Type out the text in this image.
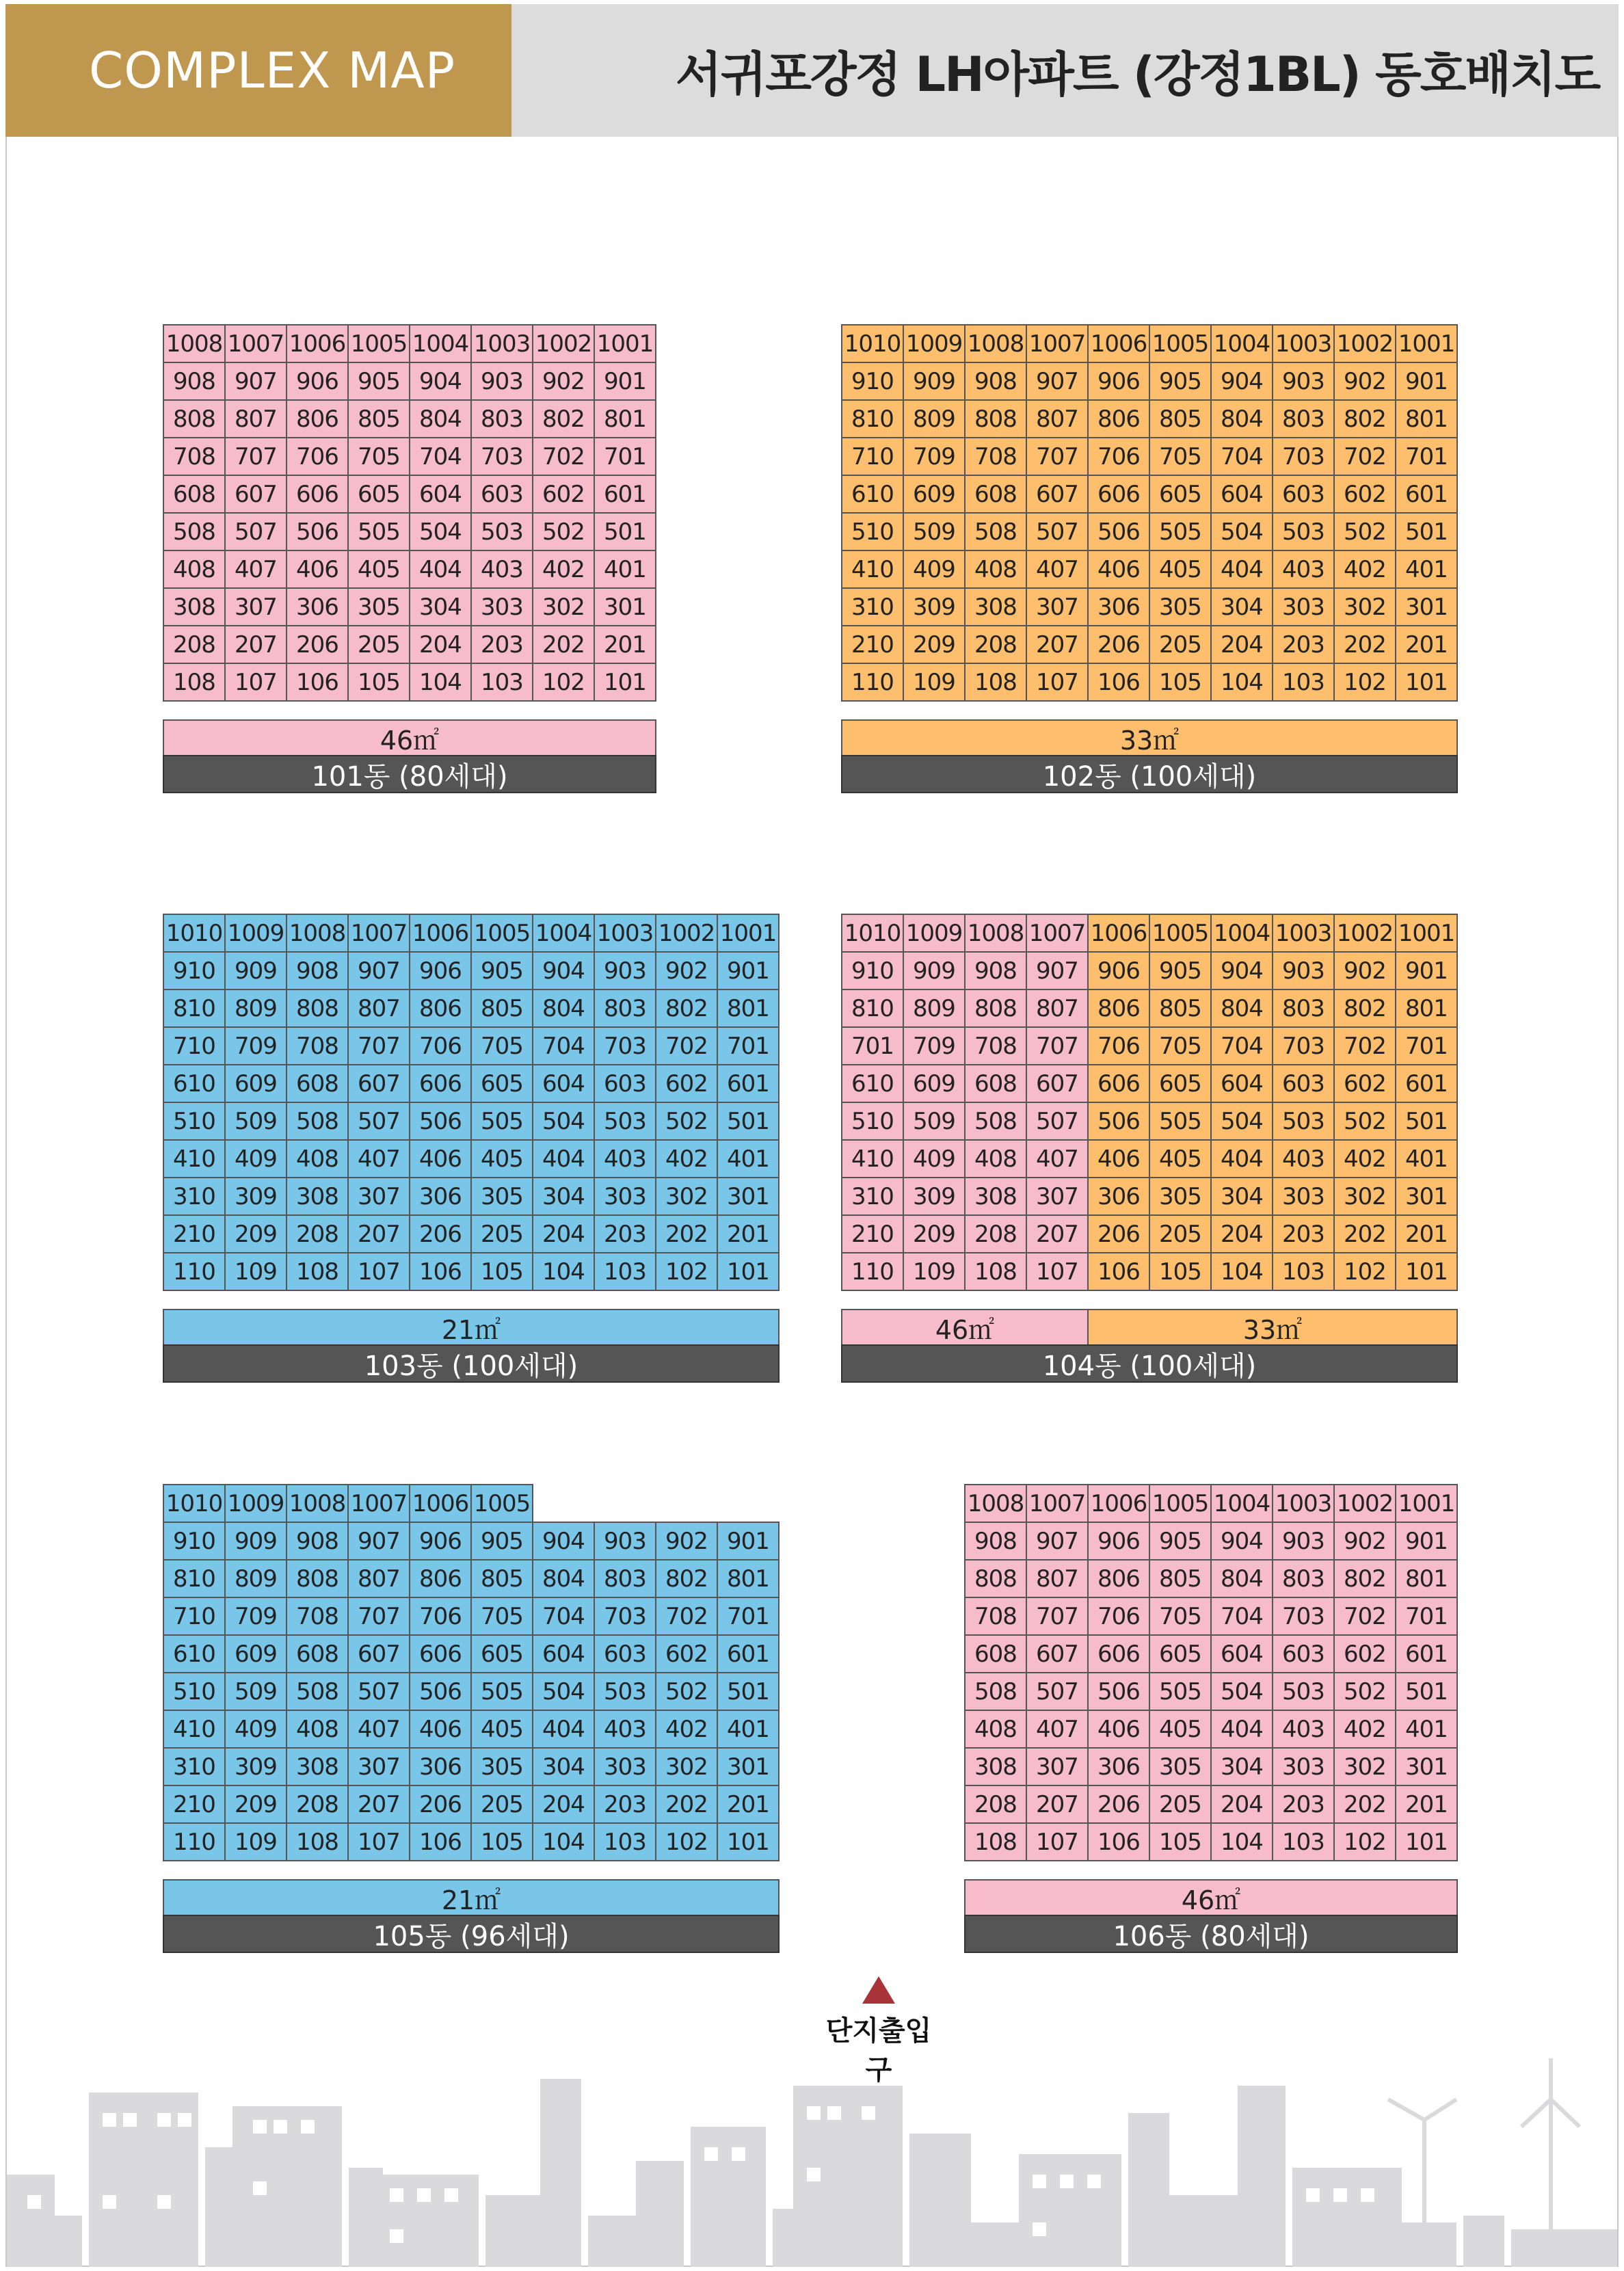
COMPLEX MAP	서귀포강정 LH아파트 (강정1BL) 동호배치도
1008 1007 1006 1005 1004 1003 1002 1001
908 907 906 905 904 903 902 901
808 807 806 805 804 803 802 801
708 707 706 705 704 703 702 701
608 607 606 605 604 603 602 601
508 507 506 505 504 503 502 501
408 407 406 405 404 403 402 401
308 307 306 305 304 303 302 301
208 207 206 205 204 203 202 201
108 107 106 105 104 103 102 101
46㎡
101동 (80세대)
1010 1009 1008 1007 1006 1005 1004 1003 1002 1001
910 909 908 907 906 905 904 903 902 901
810 809 808 807 806 805 804 803 802 801
710 709 708 707 706 705 704 703 702 701
610 609 608 607 606 605 604 603 602 601
510 509 508 507 506 505 504 503 502 501
410 409 408 407 406 405 404 403 402 401
310 309 308 307 306 305 304 303 302 301
210 209 208 207 206 205 204 203 202 201
110 109 108 107 106 105 104 103 102 101
33㎡
102동 (100세대)
1010 1009 1008 1007 1006 1005 1004 1003 1002 1001
910 909 908 907 906 905 904 903 902 901
810 809 808 807 806 805 804 803 802 801
710 709 708 707 706 705 704 703 702 701
610 609 608 607 606 605 604 603 602 601
510 509 508 507 506 505 504 503 502 501
410 409 408 407 406 405 404 403 402 401
310 309 308 307 306 305 304 303 302 301
210 209 208 207 206 205 204 203 202 201
110 109 108 107 106 105 104 103 102 101
21㎡
103동 (100세대)
1010 1009 1008 1007 1006 1005 1004 1003 1002 1001
910 909 908 907 906 905 904 903 902 901
810 809 808 807 806 805 804 803 802 801
701 709 708 707 706 705 704 703 702 701
610 609 608 607 606 605 604 603 602 601
510 509 508 507 506 505 504 503 502 501
410 409 408 407 406 405 404 403 402 401
310 309 308 307 306 305 304 303 302 301
210 209 208 207 206 205 204 203 202 201
110 109 108 107 106 105 104 103 102 101
46㎡	33㎡
104동 (100세대)
1010 1009 1008 1007 1006 1005
910 909 908 907 906 905 904 903 902 901
810 809 808 807 806 805 804 803 802 801
710 709 708 707 706 705 704 703 702 701
610 609 608 607 606 605 604 603 602 601
510 509 508 507 506 505 504 503 502 501
410 409 408 407 406 405 404 403 402 401
310 309 308 307 306 305 304 303 302 301
210 209 208 207 206 205 204 203 202 201
110 109 108 107 106 105 104 103 102 101
21㎡
105동 (96세대)
1008 1007 1006 1005 1004 1003 1002 1001
908 907 906 905 904 903 902 901
808 807 806 805 804 803 802 801
708 707 706 705 704 703 702 701
608 607 606 605 604 603 602 601
508 507 506 505 504 503 502 501
408 407 406 405 404 403 402 401
308 307 306 305 304 303 302 301
208 207 206 205 204 203 202 201
108 107 106 105 104 103 102 101
46㎡
106동 (80세대)
단지출입구
